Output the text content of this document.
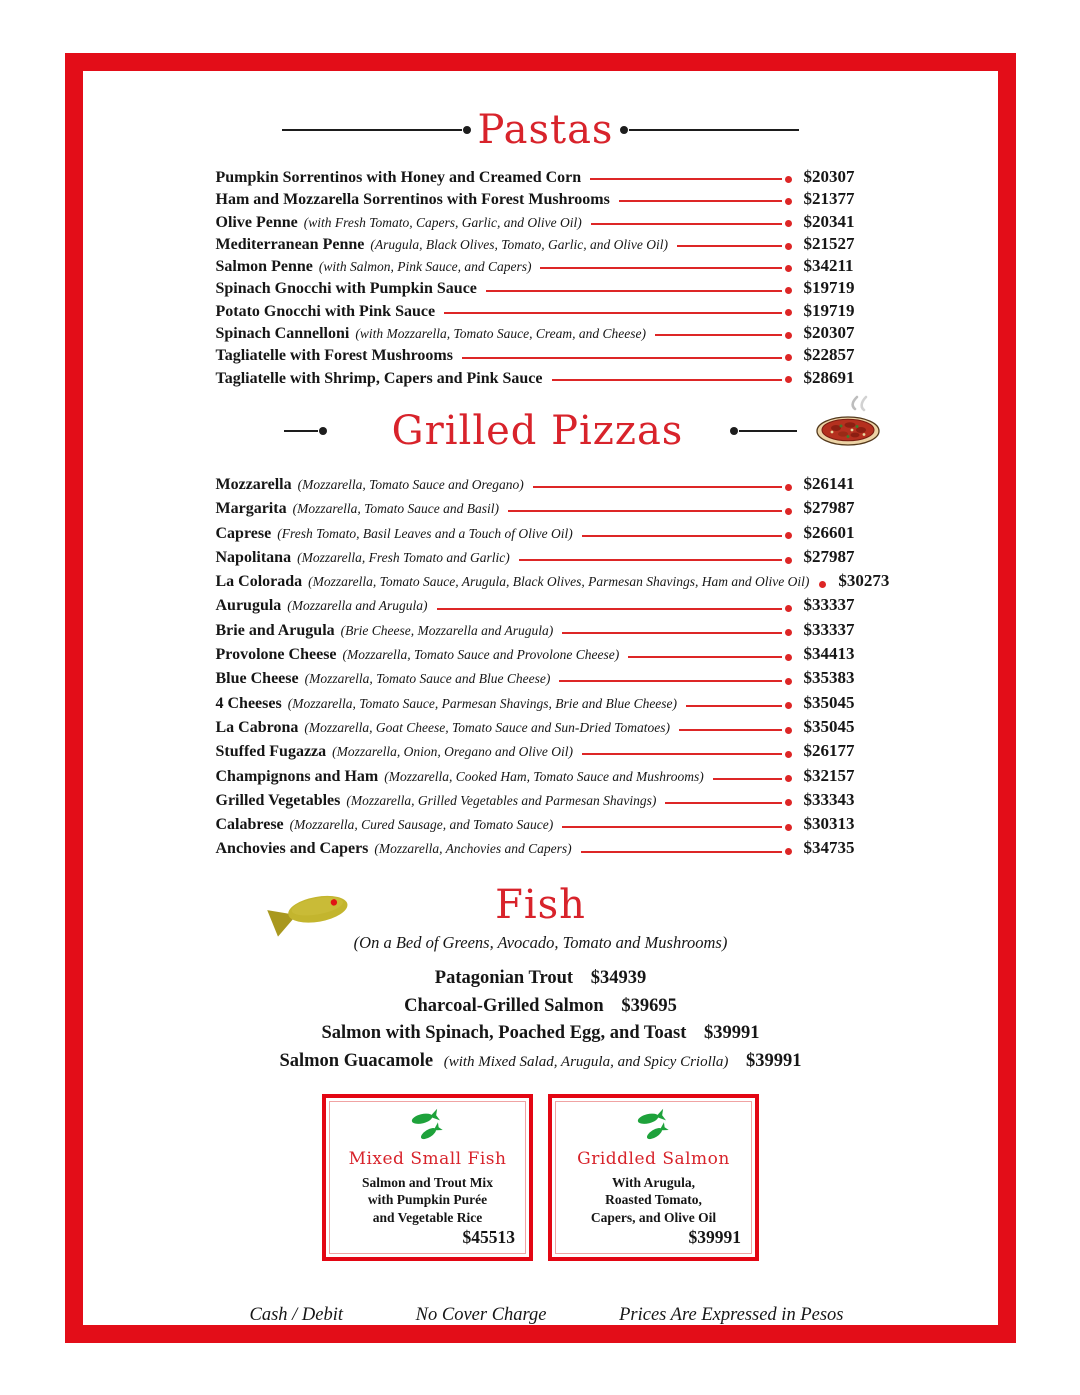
Pastas
Pumpkin Sorrentinos with Honey and Creamed Corn	$20307
Ham and Mozzarella Sorrentinos with Forest Mushrooms	$21377
Olive Penne (with Fresh Tomato, Capers, Garlic, and Olive Oil)	$20341
Mediterranean Penne (Arugula, Black Olives, Tomato, Garlic, and Olive Oil)	$21527
Salmon Penne (with Salmon, Pink Sauce, and Capers)	$34211
Spinach Gnocchi with Pumpkin Sauce	$19719
Potato Gnocchi with Pink Sauce	$19719
Spinach Cannelloni (with Mozzarella, Tomato Sauce, Cream, and Cheese)	$20307
Tagliatelle with Forest Mushrooms	$22857
Tagliatelle with Shrimp, Capers and Pink Sauce	$28691
Grilled Pizzas
Mozzarella (Mozzarella, Tomato Sauce and Oregano)	$26141
Margarita (Mozzarella, Tomato Sauce and Basil)	$27987
Caprese (Fresh Tomato, Basil Leaves and a Touch of Olive Oil)	$26601
Napolitana (Mozzarella, Fresh Tomato and Garlic)	$27987
La Colorada (Mozzarella, Tomato Sauce, Arugula, Black Olives, Parmesan Shavings, Ham and Olive Oil) $30273
Aurugula (Mozzarella and Arugula)	$33337
Brie and Arugula (Brie Cheese, Mozzarella and Arugula)	$33337
Provolone Cheese (Mozzarella, Tomato Sauce and Provolone Cheese)	$34413
Blue Cheese (Mozzarella, Tomato Sauce and Blue Cheese)	$35383
4 Cheeses (Mozzarella, Tomato Sauce, Parmesan Shavings, Brie and Blue Cheese)	$35045
La Cabrona (Mozzarella, Goat Cheese, Tomato Sauce and Sun-Dried Tomatoes)	$35045
Stuffed Fugazza (Mozzarella, Onion, Oregano and Olive Oil)	$26177
Champignons and Ham (Mozzarella, Cooked Ham, Tomato Sauce and Mushrooms)	$32157
Grilled Vegetables (Mozzarella, Grilled Vegetables and Parmesan Shavings)	$33343
Calabrese (Mozzarella, Cured Sausage, and Tomato Sauce)	$30313
Anchovies and Capers (Mozzarella, Anchovies and Capers)	$34735
Fish
(On a Bed of Greens, Avocado, Tomato and Mushrooms)
Patagonian Trout $34939
Charcoal-Grilled Salmon $39695
Salmon with Spinach, Poached Egg, and Toast $39991
Salmon Guacamole (with Mixed Salad, Arugula, and Spicy Criolla) $39991
Mixed Small Fish
Salmon and Trout Mix
with Pumpkin Purée
and Vegetable Rice
$45513
Griddled Salmon
With Arugula,
Roasted Tomato,
Capers, and Olive Oil
$39991
Cash / Debit	No Cover Charge	Prices Are Expressed in Pesos
